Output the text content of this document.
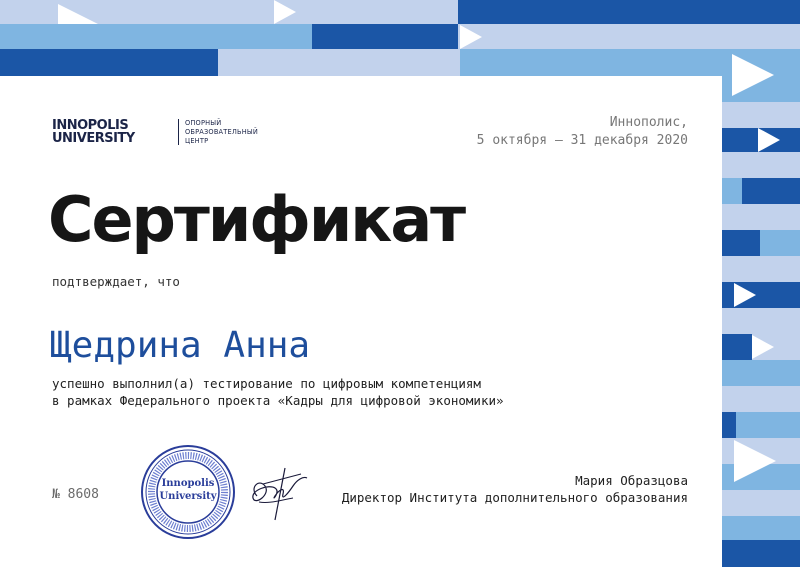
INNOPOLIS
UNIVERSITY
ОПОРНЫЙ
ОБРАЗОВАТЕЛЬНЫЙ
ЦЕНТР
Иннополис,
5 октября — 31 декабря 2020
Сертификат
подтверждает, что
Щедрина Анна
успешно выполнил(а) тестирование по цифровым компетенциям
в рамках Федерального проекта «Кадры для цифровой экономики»
№ 8608
Innopolis
University
Мария Образцова
Директор Института дополнительного образования
